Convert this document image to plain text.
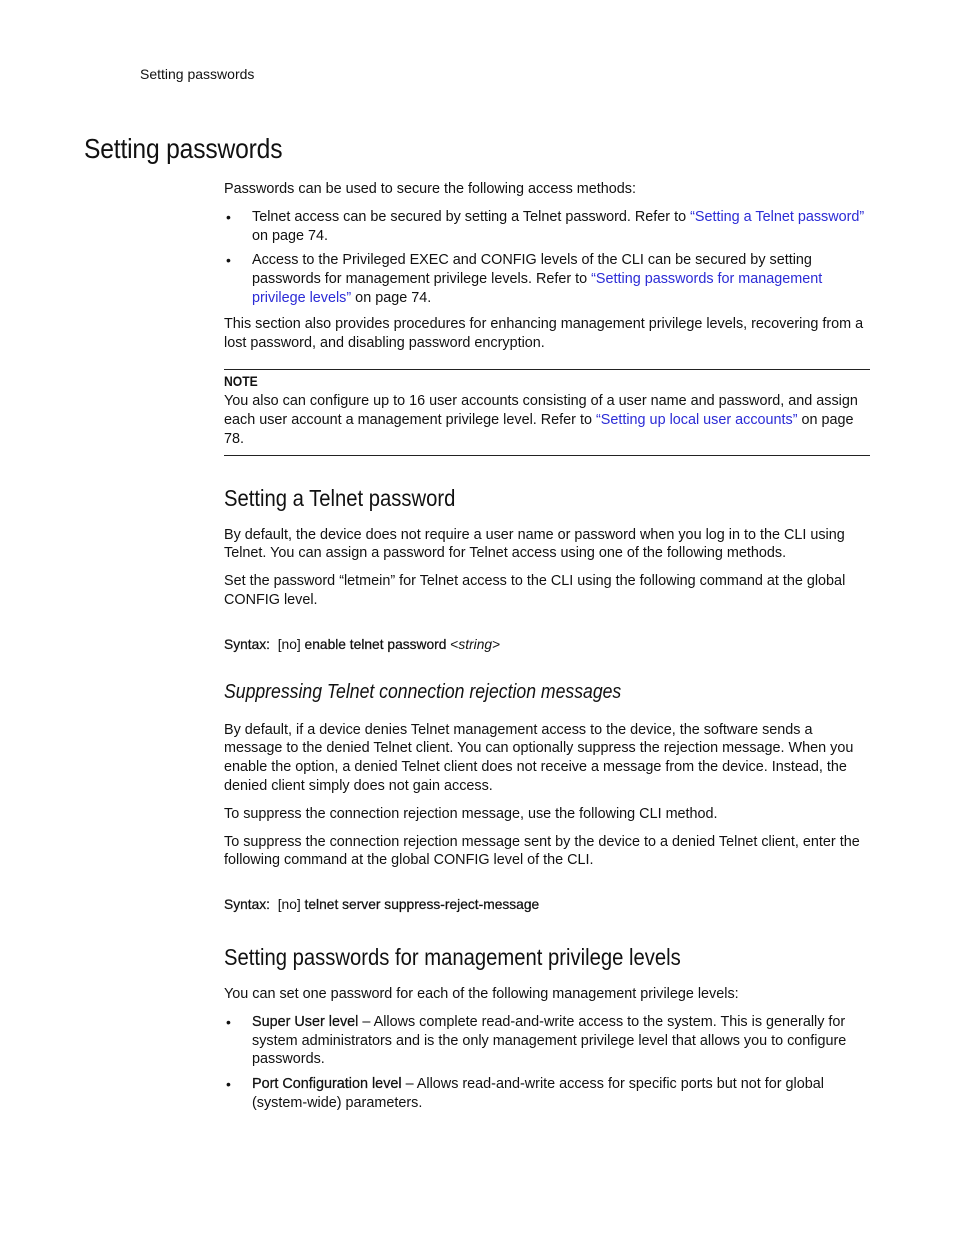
Setting passwords
Setting passwords

Passwords can be used to secure the following access methods:

• Telnet access can be secured by setting a Telnet password. Refer to “Setting a Telnet password” on page 74.
• Access to the Privileged EXEC and CONFIG levels of the CLI can be secured by setting passwords for management privilege levels. Refer to “Setting passwords for management privilege levels” on page 74.

This section also provides procedures for enhancing management privilege levels, recovering from a lost password, and disabling password encryption.

NOTE
You also can configure up to 16 user accounts consisting of a user name and password, and assign each user account a management privilege level. Refer to “Setting up local user accounts” on page 78.
Setting a Telnet password

By default, the device does not require a user name or password when you log in to the CLI using Telnet. You can assign a password for Telnet access using one of the following methods.

Set the password “letmein” for Telnet access to the CLI using the following command at the global CONFIG level.

Syntax: [no] enable telnet password <string>
Suppressing Telnet connection rejection messages

By default, if a device denies Telnet management access to the device, the software sends a message to the denied Telnet client. You can optionally suppress the rejection message. When you enable the option, a denied Telnet client does not receive a message from the device. Instead, the denied client simply does not gain access.

To suppress the connection rejection message, use the following CLI method.

To suppress the connection rejection message sent by the device to a denied Telnet client, enter the following command at the global CONFIG level of the CLI.

Syntax: [no] telnet server suppress-reject-message
Setting passwords for management privilege levels

You can set one password for each of the following management privilege levels:

• Super User level – Allows complete read-and-write access to the system. This is generally for system administrators and is the only management privilege level that allows you to configure passwords.
• Port Configuration level – Allows read-and-write access for specific ports but not for global (system-wide) parameters.
